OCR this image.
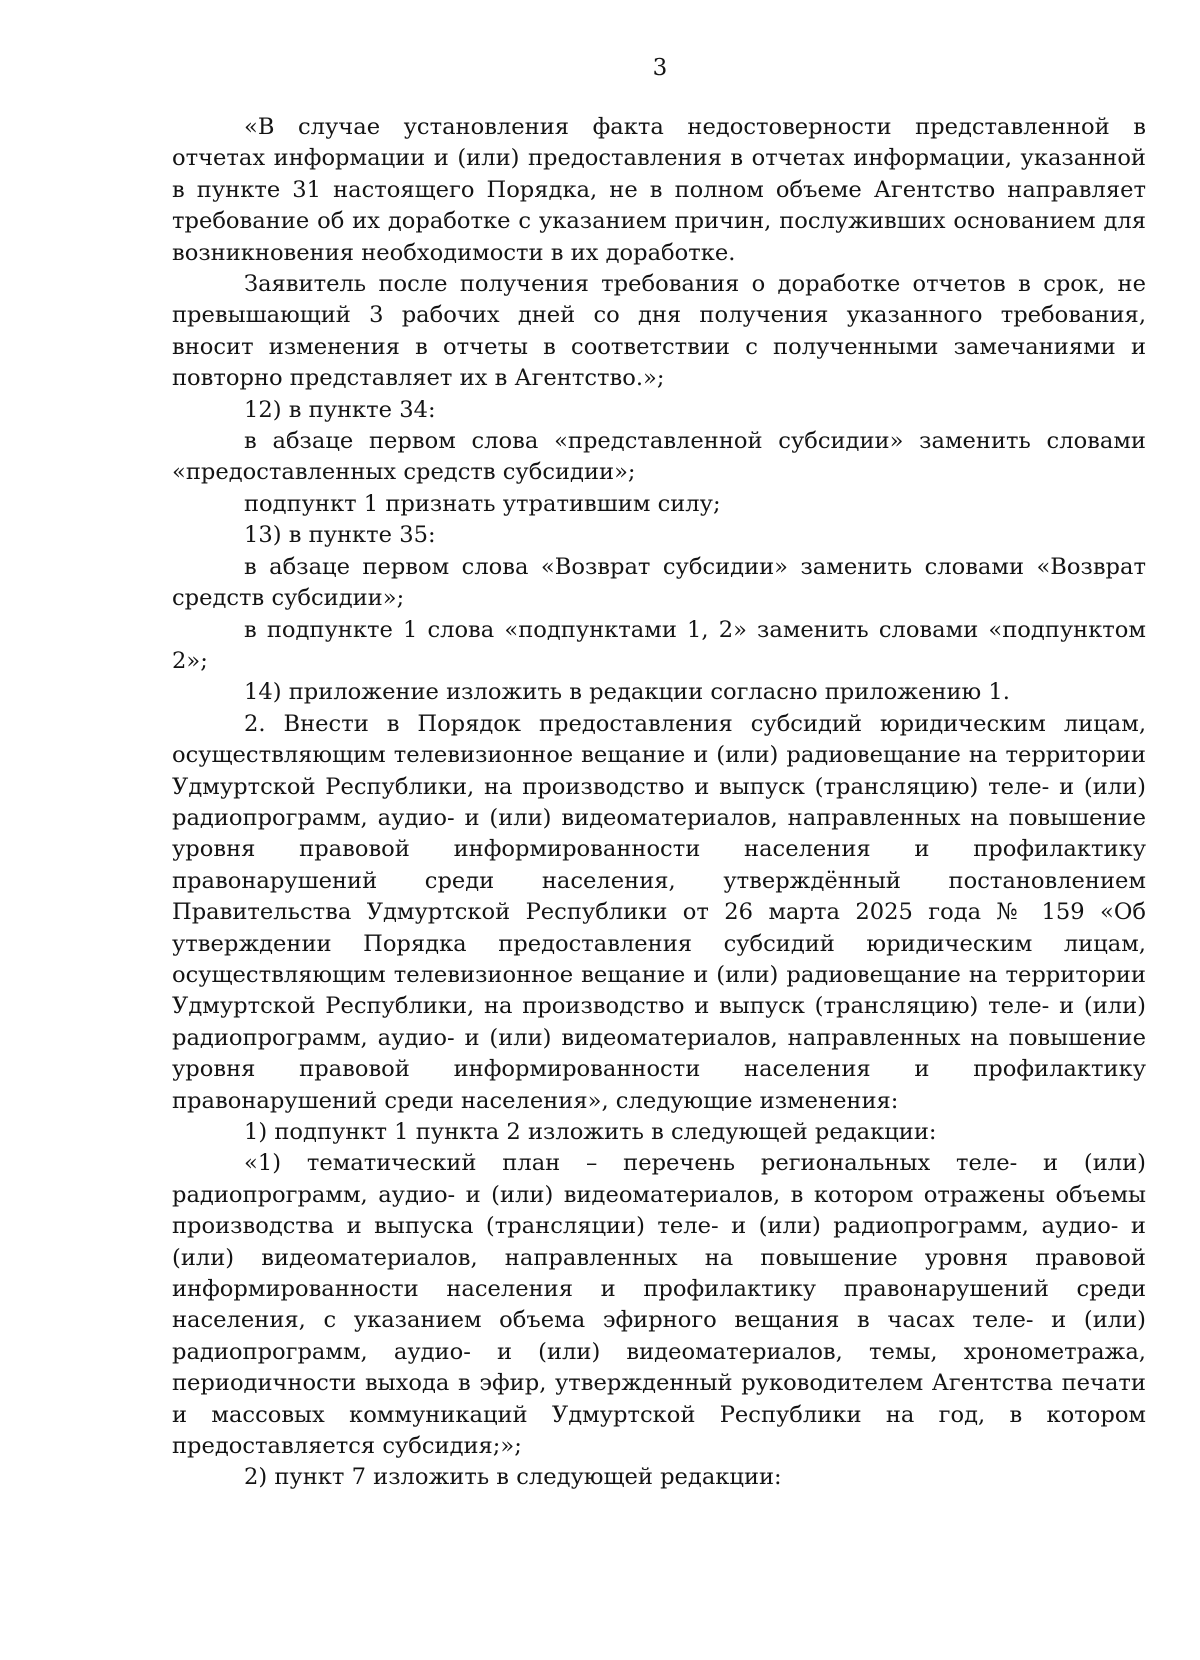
3

«В случае установления факта недостоверности представленной в отчетах информации и (или) предоставления в отчетах информации, указанной в пункте 31 настоящего Порядка, не в полном объеме Агентство направляет требование об их доработке с указанием причин, послуживших основанием для возникновения необходимости в их доработке.

Заявитель после получения требования о доработке отчетов в срок, не превышающий 3 рабочих дней со дня получения указанного требования, вносит изменения в отчеты в соответствии с полученными замечаниями и повторно представляет их в Агентство.»;

12) в пункте 34:

в абзаце первом слова «представленной субсидии» заменить словами «предоставленных средств субсидии»;

подпункт 1 признать утратившим силу;

13) в пункте 35:

в абзаце первом слова «Возврат субсидии» заменить словами «Возврат средств субсидии»;

в подпункте 1 слова «подпунктами 1, 2» заменить словами «подпунктом 2»;

14) приложение изложить в редакции согласно приложению 1.

2. Внести в Порядок предоставления субсидий юридическим лицам, осуществляющим телевизионное вещание и (или) радиовещание на территории Удмуртской Республики, на производство и выпуск (трансляцию) теле- и (или) радиопрограмм, аудио- и (или) видеоматериалов, направленных на повышение уровня правовой информированности населения и профилактику правонарушений среди населения, утверждённый постановлением Правительства Удмуртской Республики от 26 марта 2025 года № 159 «Об утверждении Порядка предоставления субсидий юридическим лицам, осуществляющим телевизионное вещание и (или) радиовещание на территории Удмуртской Республики, на производство и выпуск (трансляцию) теле- и (или) радиопрограмм, аудио- и (или) видеоматериалов, направленных на повышение уровня правовой информированности населения и профилактику правонарушений среди населения», следующие изменения:

1) подпункт 1 пункта 2 изложить в следующей редакции:

«1) тематический план – перечень региональных теле- и (или) радиопрограмм, аудио- и (или) видеоматериалов, в котором отражены объемы производства и выпуска (трансляции) теле- и (или) радиопрограмм, аудио- и (или) видеоматериалов, направленных на повышение уровня правовой информированности населения и профилактику правонарушений среди населения, с указанием объема эфирного вещания в часах теле- и (или) радиопрограмм, аудио- и (или) видеоматериалов, темы, хронометража, периодичности выхода в эфир, утвержденный руководителем Агентства печати и массовых коммуникаций Удмуртской Республики на год, в котором предоставляется субсидия;»;

2) пункт 7 изложить в следующей редакции:
